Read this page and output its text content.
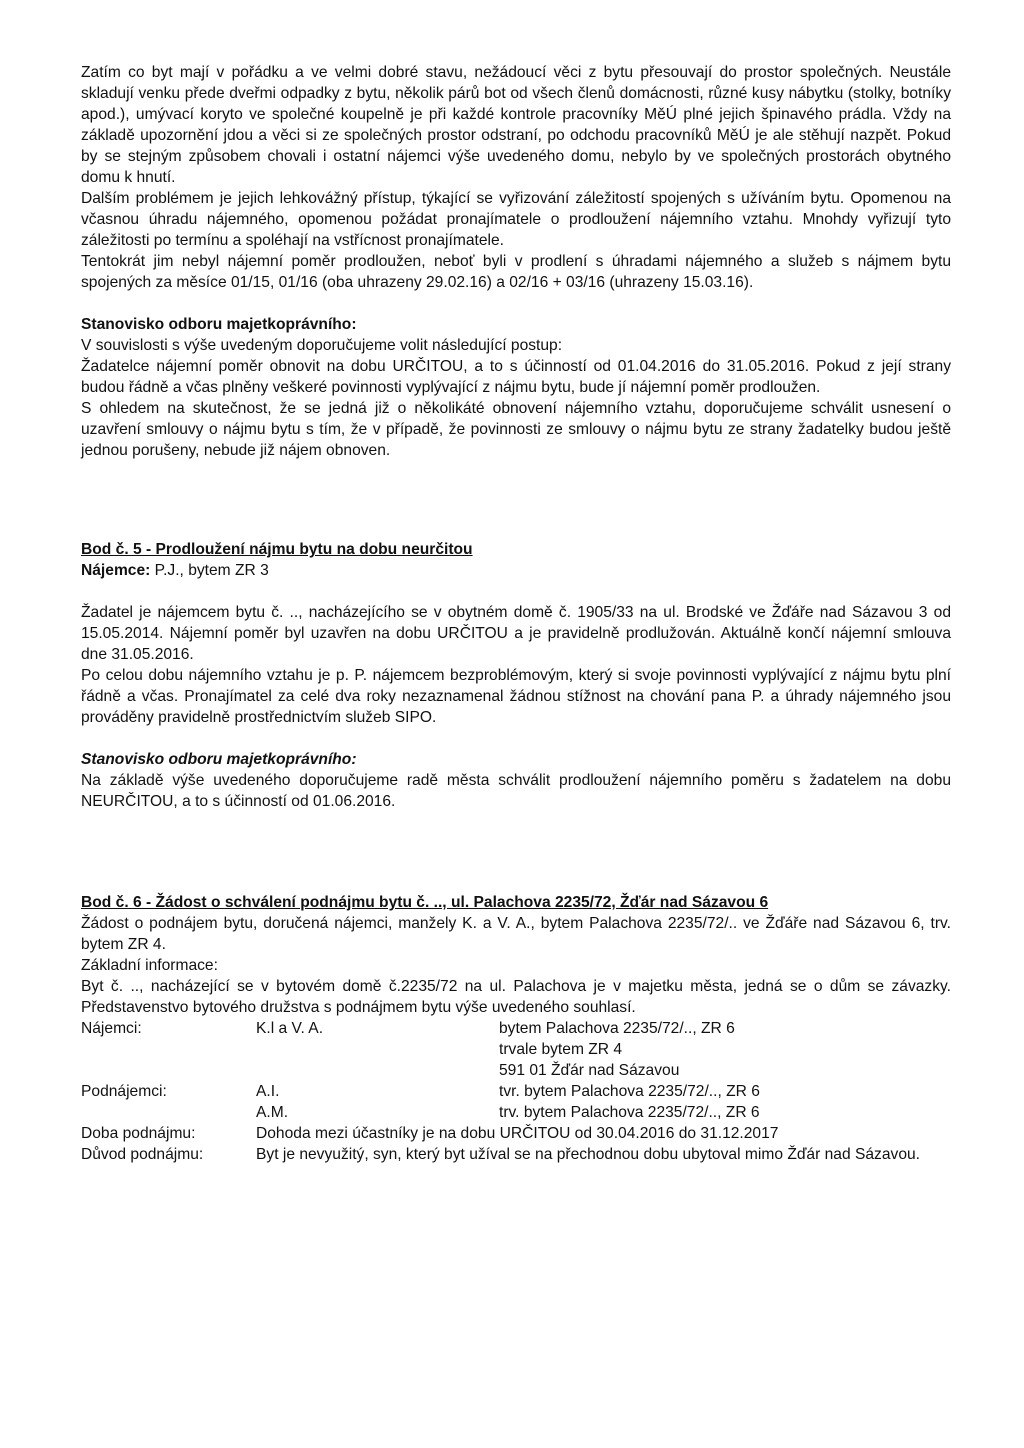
Zatím co byt mají v pořádku a ve velmi dobré stavu, nežádoucí věci z bytu přesouvají do prostor společných. Neustále skladují venku přede dveřmi odpadky z bytu, několik párů bot od všech členů domácnosti, různé kusy nábytku (stolky, botníky apod.), umývací koryto ve společné koupelně je při každé kontrole pracovníky MěÚ plné jejich špinavého prádla. Vždy na základě upozornění jdou a věci si ze společných prostor odstraní, po odchodu pracovníků MěÚ je ale stěhují nazpět. Pokud by se stejným způsobem chovali i ostatní nájemci výše uvedeného domu, nebylo by ve společných prostorách obytného domu k hnutí.

Dalším problémem je jejich lehkovážný přístup, týkající se vyřizování záležitostí spojených s užíváním bytu. Opomenou na včasnou úhradu nájemného, opomenou požádat pronajímatele o prodloužení nájemního vztahu. Mnohdy vyřizují tyto záležitosti po termínu a spoléhají na vstřícnost pronajímatele.

Tentokrát jim nebyl nájemní poměr prodloužen, neboť byli v prodlení s úhradami nájemného a služeb s nájmem bytu spojených za měsíce 01/15, 01/16 (oba uhrazeny 29.02.16) a 02/16 + 03/16 (uhrazeny 15.03.16).

Stanovisko odboru majetkoprávního:

V souvislosti s výše uvedeným doporučujeme volit následující postup:

Žadatelce nájemní poměr obnovit na dobu URČITOU, a to s účinností od 01.04.2016 do 31.05.2016. Pokud z její strany budou řádně a včas plněny veškeré povinnosti vyplývající z nájmu bytu, bude jí nájemní poměr prodloužen.

S ohledem na skutečnost, že se jedná již o několikáté obnovení nájemního vztahu, doporučujeme schválit usnesení o uzavření smlouvy o nájmu bytu s tím, že v případě, že povinnosti ze smlouvy o nájmu bytu ze strany žadatelky budou ještě jednou porušeny, nebude již nájem obnoven.

Bod č. 5 - Prodloužení nájmu bytu na dobu neurčitou

Nájemce: P.J., bytem ZR 3

Žadatel je nájemcem bytu č. .., nacházejícího se v obytném domě č. 1905/33 na ul. Brodské ve Žďáře nad Sázavou 3 od 15.05.2014. Nájemní poměr byl uzavřen na dobu URČITOU a je pravidelně prodlužován. Aktuálně končí nájemní smlouva dne 31.05.2016.

Po celou dobu nájemního vztahu je p. P. nájemcem bezproblémovým, který si svoje povinnosti vyplývající z nájmu bytu plní řádně a včas. Pronajímatel za celé dva roky nezaznamenal žádnou stížnost na chování pana P. a úhrady nájemného jsou prováděny pravidelně prostřednictvím služeb SIPO.

Stanovisko odboru majetkoprávního:

Na základě výše uvedeného doporučujeme radě města schválit prodloužení nájemního poměru s žadatelem na dobu NEURČITOU, a to s účinností od 01.06.2016.

Bod č. 6 - Žádost o schválení podnájmu bytu č. .., ul. Palachova 2235/72, Žďár nad Sázavou 6

Žádost o podnájem bytu, doručená nájemci, manžely K. a V. A., bytem Palachova 2235/72/.. ve Žďáře nad Sázavou 6, trv. bytem ZR 4.

Základní informace:

Byt č. .., nacházející se v bytovém domě č.2235/72 na ul. Palachova je v majetku města, jedná se o dům se závazky. Představenstvo bytového družstva s podnájmem bytu výše uvedeného souhlasí.

Nájemci:	K.l a V. A.	bytem Palachova 2235/72/.., ZR 6
		trvale bytem ZR 4
		591 01 Žďár nad Sázavou
Podnájemci:	A.I.	tvr. bytem Palachova 2235/72/.., ZR 6
	A.M.	trv. bytem Palachova 2235/72/.., ZR 6
Doba podnájmu:	Dohoda mezi účastníky je na dobu URČITOU od 30.04.2016 do 31.12.2017	
Důvod podnájmu:	Byt je nevyužitý, syn, který byt užíval se na přechodnou dobu ubytoval mimo Žďár nad Sázavou.	
